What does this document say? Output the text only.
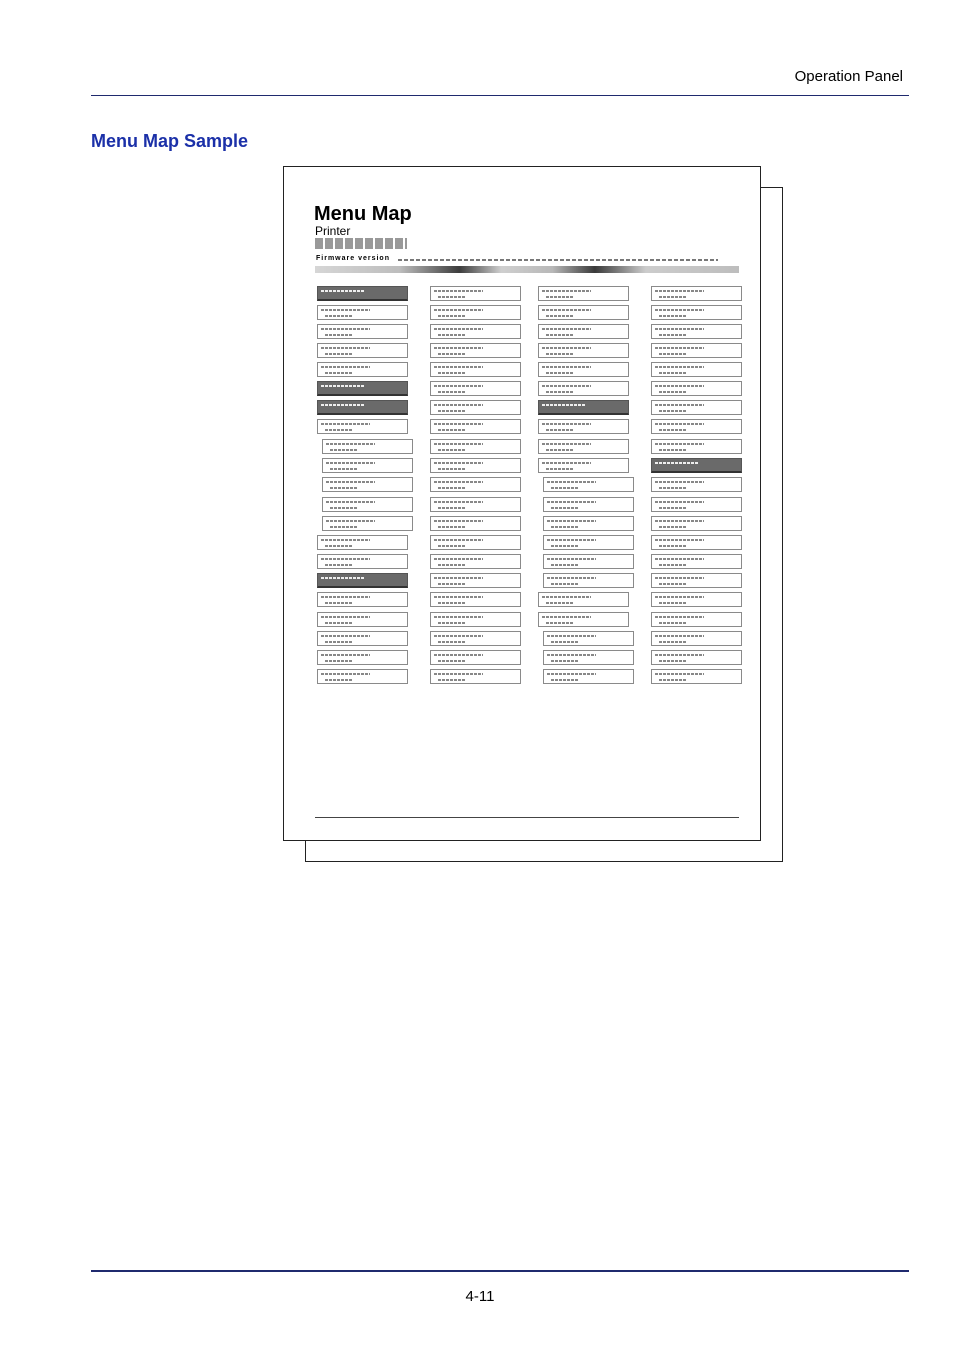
Operation Panel
Menu Map Sample
Menu Map
Printer
Firmware version
4-11
